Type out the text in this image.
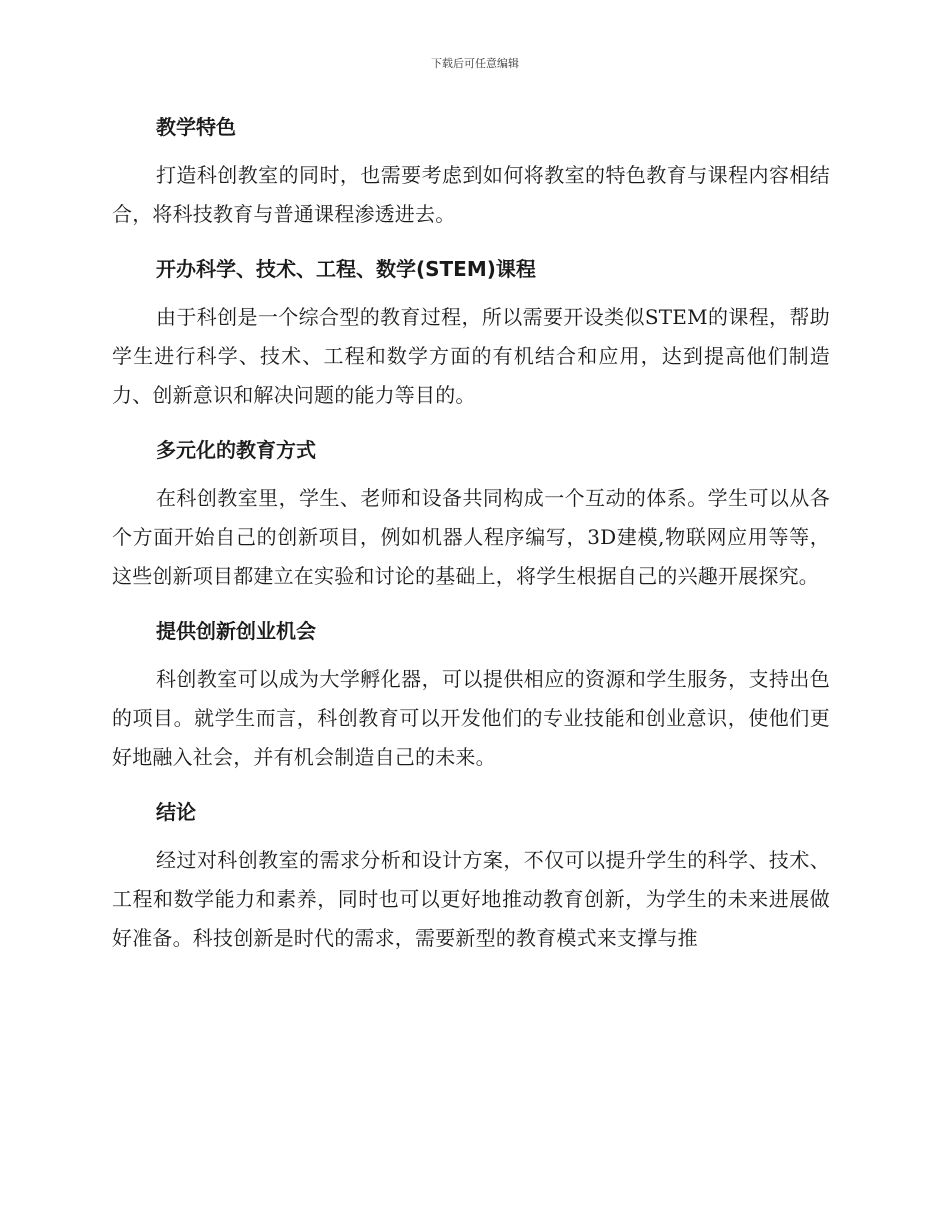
下载后可任意编辑
教学特色

打造科创教室的同时，也需要考虑到如何将教室的特色教育与课程内容相结合，将科技教育与普通课程渗透进去。

开办科学、技术、工程、数学(STEM)课程

由于科创是一个综合型的教育过程，所以需要开设类似STEM的课程，帮助学生进行科学、技术、工程和数学方面的有机结合和应用，达到提高他们制造力、创新意识和解决问题的能力等目的。

多元化的教育方式

在科创教室里，学生、老师和设备共同构成一个互动的体系。学生可以从各个方面开始自己的创新项目，例如机器人程序编写，3D建模,物联网应用等等，这些创新项目都建立在实验和讨论的基础上，将学生根据自己的兴趣开展探究。

提供创新创业机会

科创教室可以成为大学孵化器，可以提供相应的资源和学生服务，支持出色的项目。就学生而言，科创教育可以开发他们的专业技能和创业意识，使他们更好地融入社会，并有机会制造自己的未来。

结论

经过对科创教室的需求分析和设计方案，不仅可以提升学生的科学、技术、工程和数学能力和素养，同时也可以更好地推动教育创新，为学生的未来进展做好准备。科技创新是时代的需求，需要新型的教育模式来支撑与推
